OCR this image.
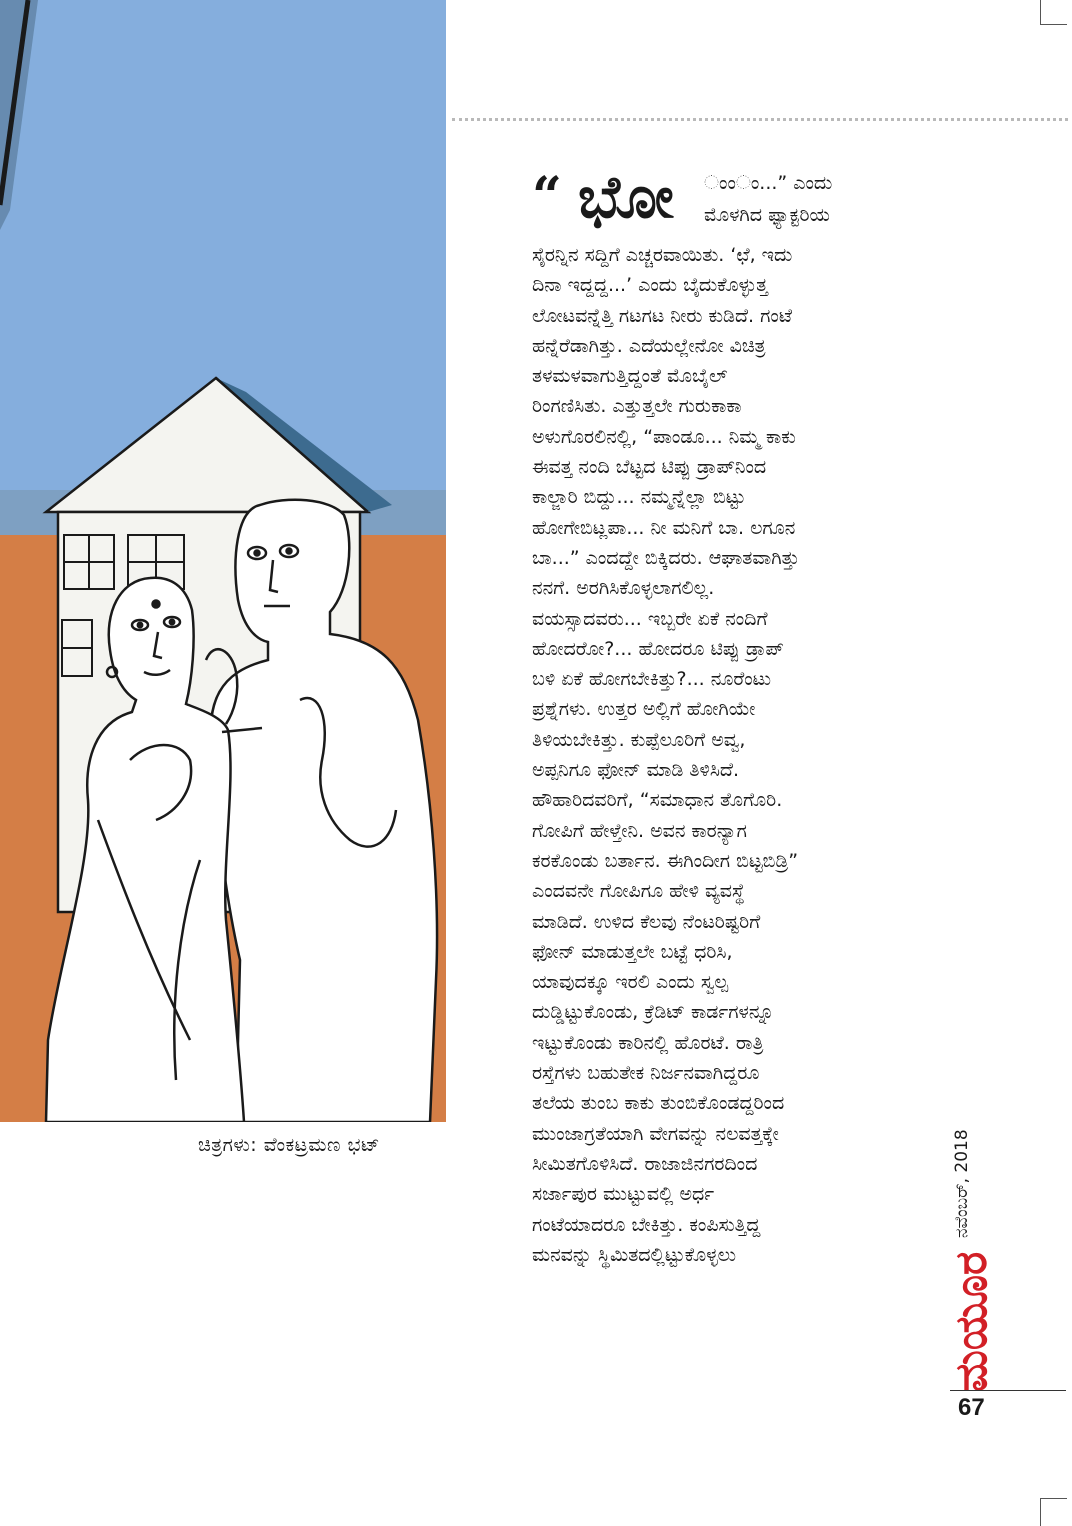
ಚಿತ್ರಗಳು: ವೆಂಕಟ್ರಮಣ ಭಟ್
“ ಭೋ ಂಂಂ...” ಎಂದು
ಮೊಳಗಿದ ಫ್ಯಾಕ್ಟರಿಯ
ಸೈರನ್ನಿನ ಸದ್ದಿಗೆ ಎಚ್ಚರವಾಯಿತು. ‘ಛೆ, ಇದು
ದಿನಾ ಇದ್ದದ್ದ...’ ಎಂದು ಬೈದುಕೊಳ್ಳುತ್ತ
ಲೋಟವನ್ನೆತ್ತಿ ಗಟಗಟ ನೀರು ಕುಡಿದೆ. ಗಂಟೆ
ಹನ್ನೆರೆಡಾಗಿತ್ತು. ಎದೆಯಲ್ಲೇನೋ ವಿಚಿತ್ರ
ತಳಮಳವಾಗುತ್ತಿದ್ದಂತೆ ಮೊಬೈಲ್
ರಿಂಗಣಿಸಿತು. ಎತ್ತುತ್ತಲೇ ಗುರುಕಾಕಾ
ಅಳುಗೊರಲಿನಲ್ಲಿ, “ಪಾಂಡೂ... ನಿಮ್ಮ ಕಾಕು
ಈವತ್ತ ನಂದಿ ಬೆಟ್ಟದ ಟಿಪ್ಪು ಡ್ರಾಪ್‌ನಿಂದ
ಕಾಲ್ಜಾರಿ ಬಿದ್ದು... ನಮ್ಮನ್ನೆಲ್ಲಾ ಬಿಟ್ಟು
ಹೋಗೇಬಿಟ್ಲಪಾ... ನೀ ಮನಿಗೆ ಬಾ. ಲಗೂನ
ಬಾ...” ಎಂದದ್ದೇ ಬಿಕ್ಕಿದರು. ಆಘಾತವಾಗಿತ್ತು
ನನಗೆ. ಅರಗಿಸಿಕೊಳ್ಳಲಾಗಲಿಲ್ಲ.
ವಯಸ್ಸಾದವರು... ಇಬ್ಬರೇ ಏಕೆ ನಂದಿಗೆ
ಹೋದರೋ?... ಹೋದರೂ ಟಿಪ್ಪು ಡ್ರಾಪ್
ಬಳಿ ಏಕೆ ಹೋಗಬೇಕಿತ್ತು?... ನೂರೆಂಟು
ಪ್ರಶ್ನೆಗಳು. ಉತ್ತರ ಅಲ್ಲಿಗೆ ಹೋಗಿಯೇ
ತಿಳಿಯಬೇಕಿತ್ತು. ಕುಪ್ಪೆಲೂರಿಗೆ ಅವ್ವ,
ಅಪ್ಪನಿಗೂ ಫೋನ್ ಮಾಡಿ ತಿಳಿಸಿದೆ.
ಹೌಹಾರಿದವರಿಗೆ, “ಸಮಾಧಾನ ತೊಗೊರಿ.
ಗೋಪಿಗೆ ಹೇಳ್ತೇನಿ. ಅವನ ಕಾರನ್ಯಾಗ
ಕರಕೊಂಡು ಬರ್ತಾನ. ಈಗಿಂದೀಗ ಬಿಟ್ಟಬಿಡ್ರಿ”
ಎಂದವನೇ ಗೋಪಿಗೂ ಹೇಳಿ ವ್ಯವಸ್ಥೆ
ಮಾಡಿದೆ. ಉಳಿದ ಕೆಲವು ನೆಂಟರಿಷ್ಟರಿಗೆ
ಫೋನ್ ಮಾಡುತ್ತಲೇ ಬಟ್ಟೆ ಧರಿಸಿ,
ಯಾವುದಕ್ಕೂ ಇರಲಿ ಎಂದು ಸ್ವಲ್ಪ
ದುಡ್ಡಿಟ್ಟುಕೊಂಡು, ಕ್ರೆಡಿಟ್ ಕಾರ್ಡಗಳನ್ನೂ
ಇಟ್ಟುಕೊಂಡು ಕಾರಿನಲ್ಲಿ ಹೊರಟೆ. ರಾತ್ರಿ
ರಸ್ತೆಗಳು ಬಹುತೇಕ ನಿರ್ಜನವಾಗಿದ್ದರೂ
ತಲೆಯ ತುಂಬ ಕಾಕು ತುಂಬಿಕೊಂಡದ್ದರಿಂದ
ಮುಂಜಾಗ್ರತೆಯಾಗಿ ವೇಗವನ್ನು ನಲವತ್ತಕ್ಕೇ
ಸೀಮಿತಗೊಳಿಸಿದೆ. ರಾಜಾಜಿನಗರದಿಂದ
ಸರ್ಜಾಪುರ ಮುಟ್ಟುವಲ್ಲಿ ಅರ್ಧ
ಗಂಟೆಯಾದರೂ ಬೇಕಿತ್ತು. ಕಂಪಿಸುತ್ತಿದ್ದ
ಮನವನ್ನು ಸ್ಥಿಮಿತದಲ್ಲಿಟ್ಟುಕೊಳ್ಳಲು
ನವೆಂಬರ್, 2018
ಮಯೂರ
67
